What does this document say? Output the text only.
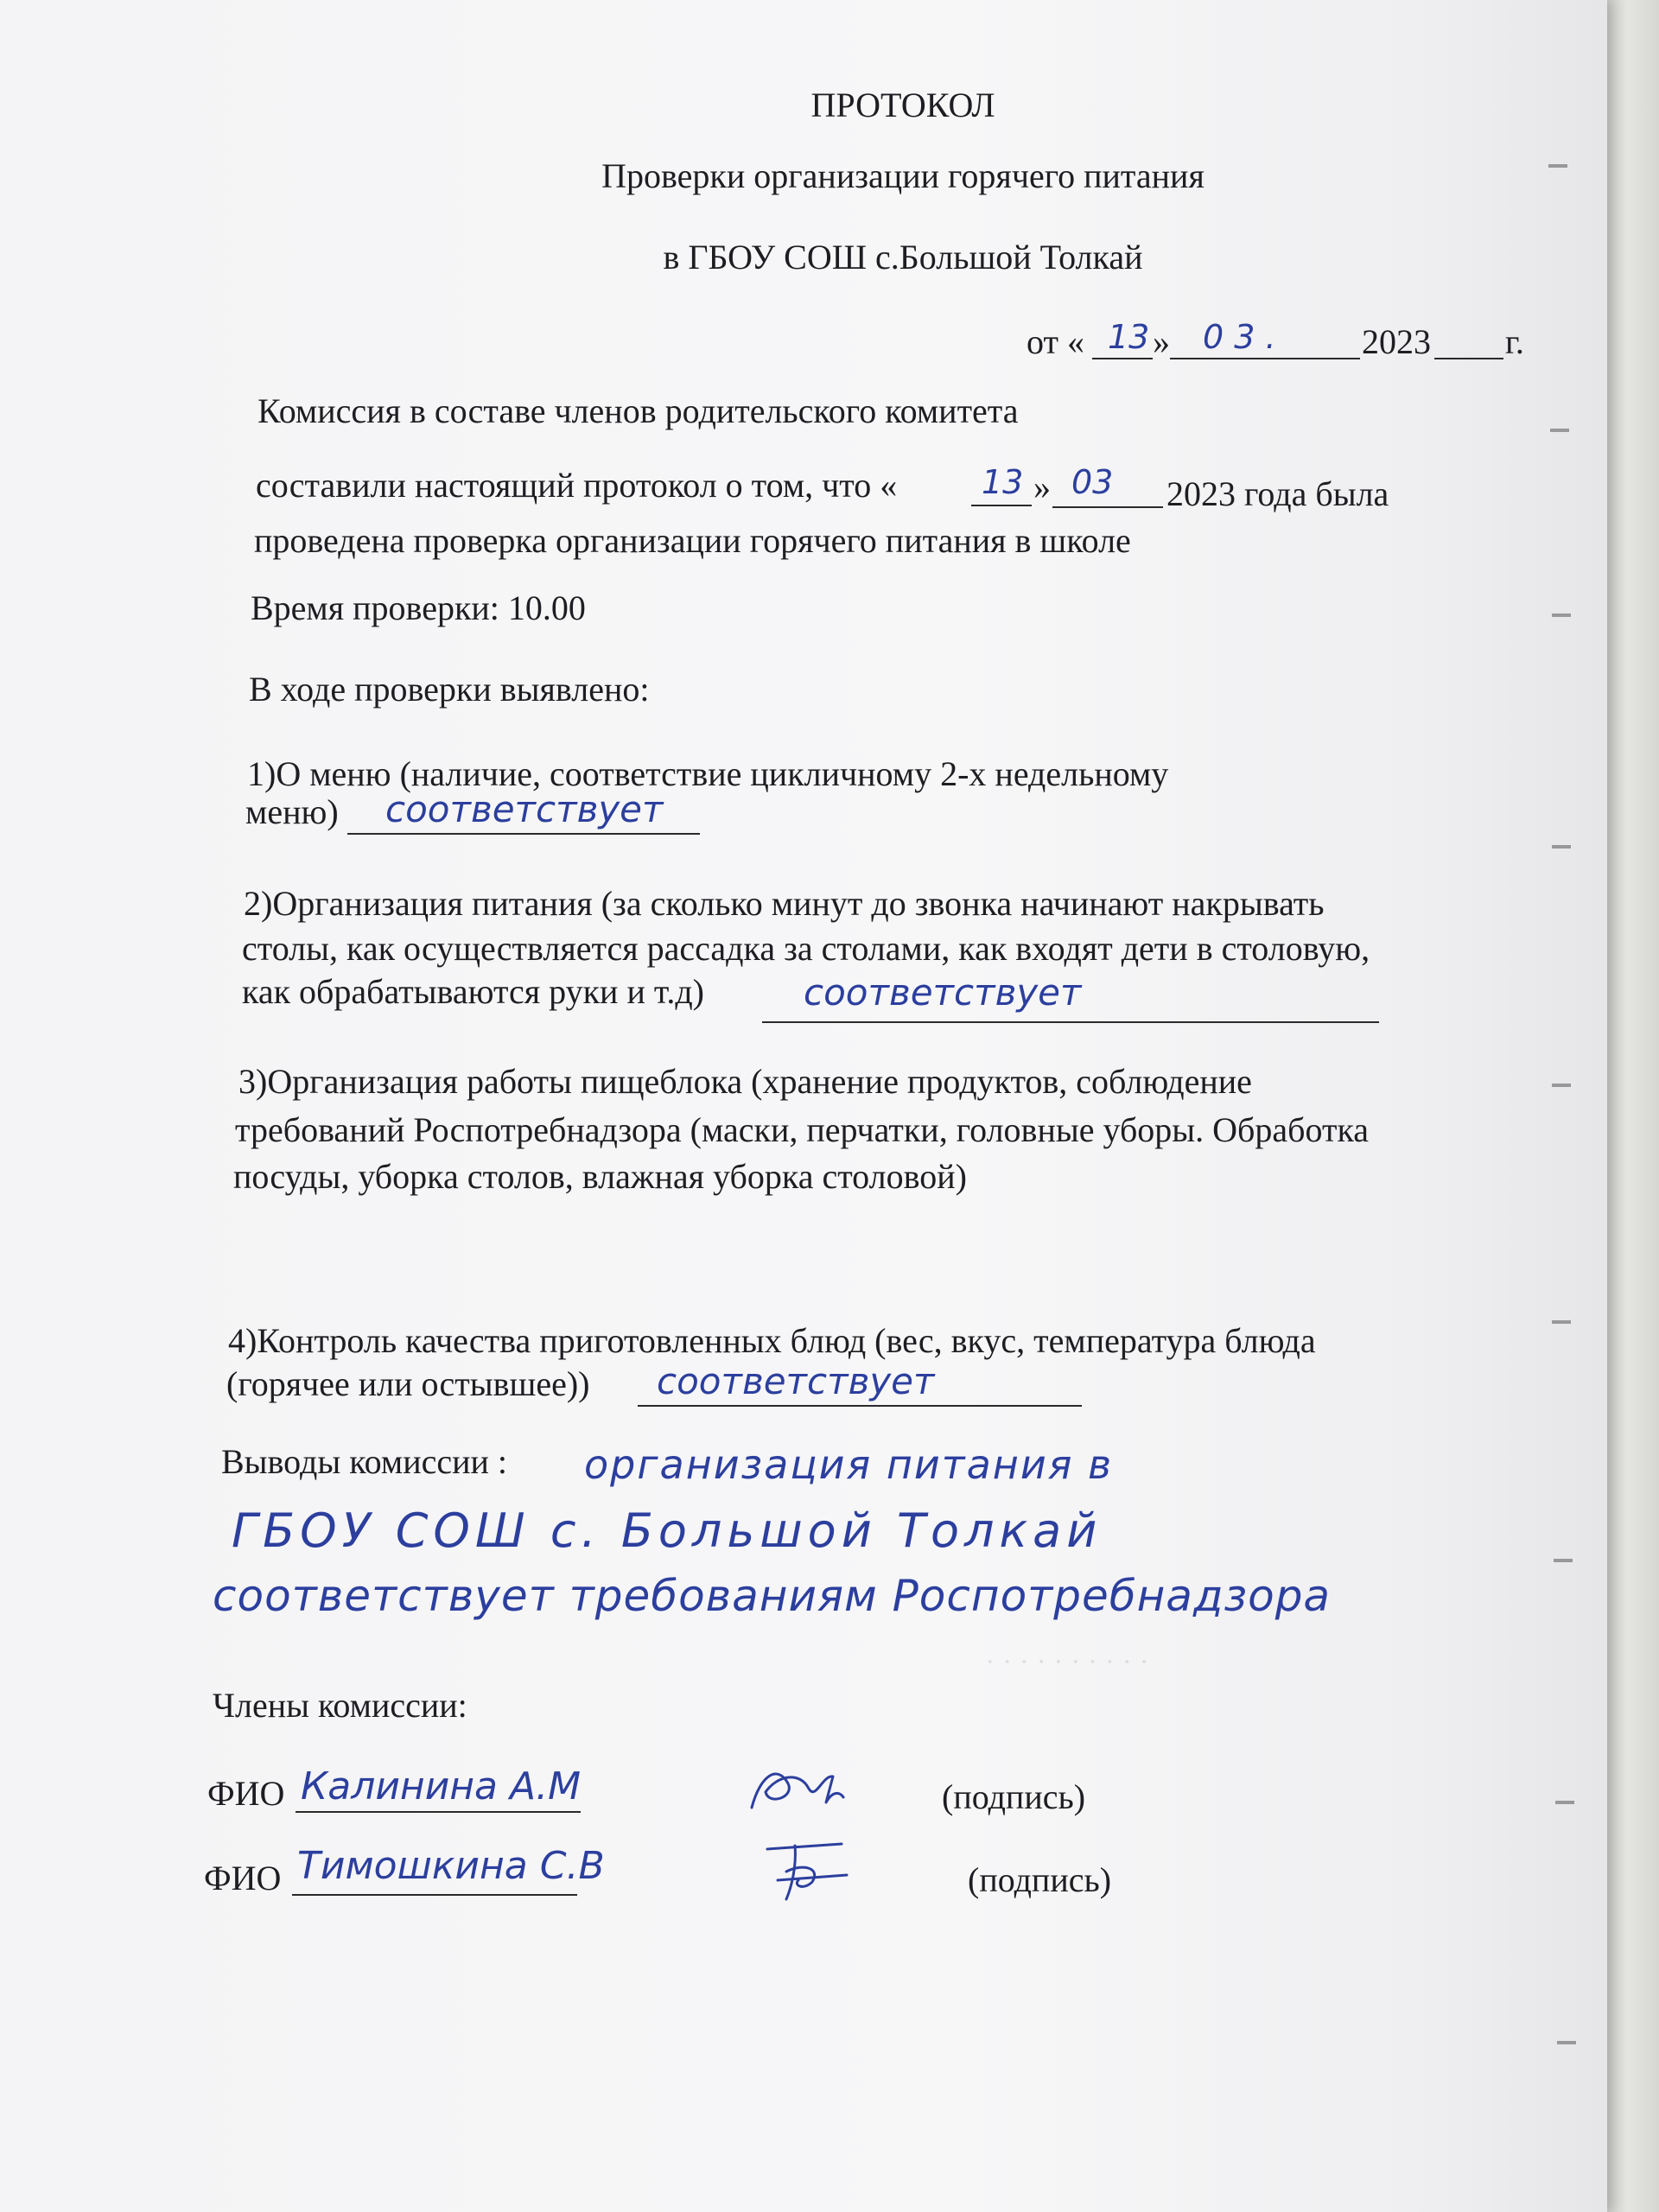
· · · · · · · · · ·
ПРОТОКОЛ
Проверки организации горячего питания
в ГБОУ СОШ с.Большой Толкай
от « 13 » 0 3 . 2023 г.
Комиссия в составе членов родительского комитета
составили настоящий протокол о том, что «	13 » 03 2023 года была
проведена проверка организации горячего питания в школе
Время проверки: 10.00
В ходе проверки выявлено:
1)О меню (наличие, соответствие цикличному 2-х недельному
меню) соответствует
2)Организация питания (за сколько минут до звонка начинают накрывать
столы, как осуществляется рассадка за столами, как входят дети в столовую,
как обрабатываются руки и т.д)	соответствует
3)Организация работы пищеблока (хранение продуктов, соблюдение
требований Роспотребнадзора (маски, перчатки, головные уборы. Обработка
посуды, уборка столов, влажная уборка столовой)
4)Контроль качества приготовленных блюд (вес, вкус, температура блюда
(горячее или остывшее)) соответствует
Выводы комиссии : организация питания в
ГБОУ СОШ с. Большой Толкай
соответствует требованиям Роспотребнадзора
Члены комиссии:
ФИО Калинина А.М	(подпись)
ФИО Тимошкина С.В	(подпись)
